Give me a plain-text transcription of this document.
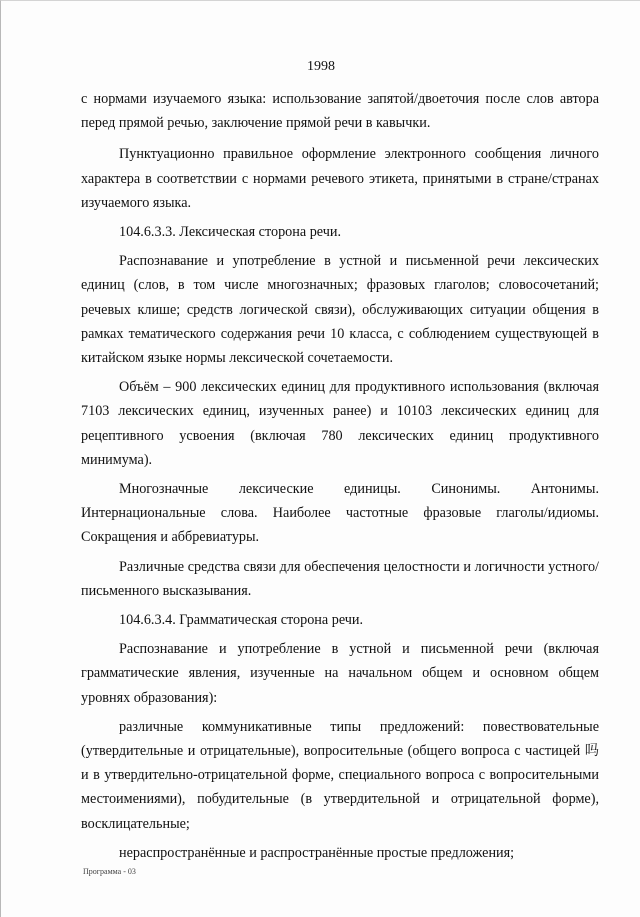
1998

с нормами изучаемого языка: использование запятой/двоеточия после слов автора перед прямой речью, заключение прямой речи в кавычки.

Пунктуационно правильное оформление электронного сообщения личного характера в соответствии с нормами речевого этикета, принятыми в стране/странах изучаемого языка.

104.6.3.3. Лексическая сторона речи.

Распознавание и употребление в устной и письменной речи лексических единиц (слов, в том числе многозначных; фразовых глаголов; словосочетаний; речевых клише; средств логической связи), обслуживающих ситуации общения в рамках тематического содержания речи 10 класса, с соблюдением существующей в китайском языке нормы лексической сочетаемости.

Объём – 900 лексических единиц для продуктивного использования (включая 7103 лексических единиц, изученных ранее) и 10103 лексических единиц для рецептивного усвоения (включая 780 лексических единиц продуктивного минимума).

Многозначные лексические единицы. Синонимы. Антонимы. Интернациональные слова. Наиболее частотные фразовые глаголы/идиомы. Сокращения и аббревиатуры.

Различные средства связи для обеспечения целостности и логичности устного/письменного высказывания.

104.6.3.4. Грамматическая сторона речи.

Распознавание и употребление в устной и письменной речи (включая грамматические явления, изученные на начальном общем и основном общем уровнях образования):

различные коммуникативные типы предложений: повествовательные (утвердительные и отрицательные), вопросительные (общего вопроса с частицей 吗 и в утвердительно-отрицательной форме, специального вопроса с вопросительными местоимениями), побудительные (в утвердительной и отрицательной форме), восклицательные;

нераспространённые и распространённые простые предложения;

Программа - 03
